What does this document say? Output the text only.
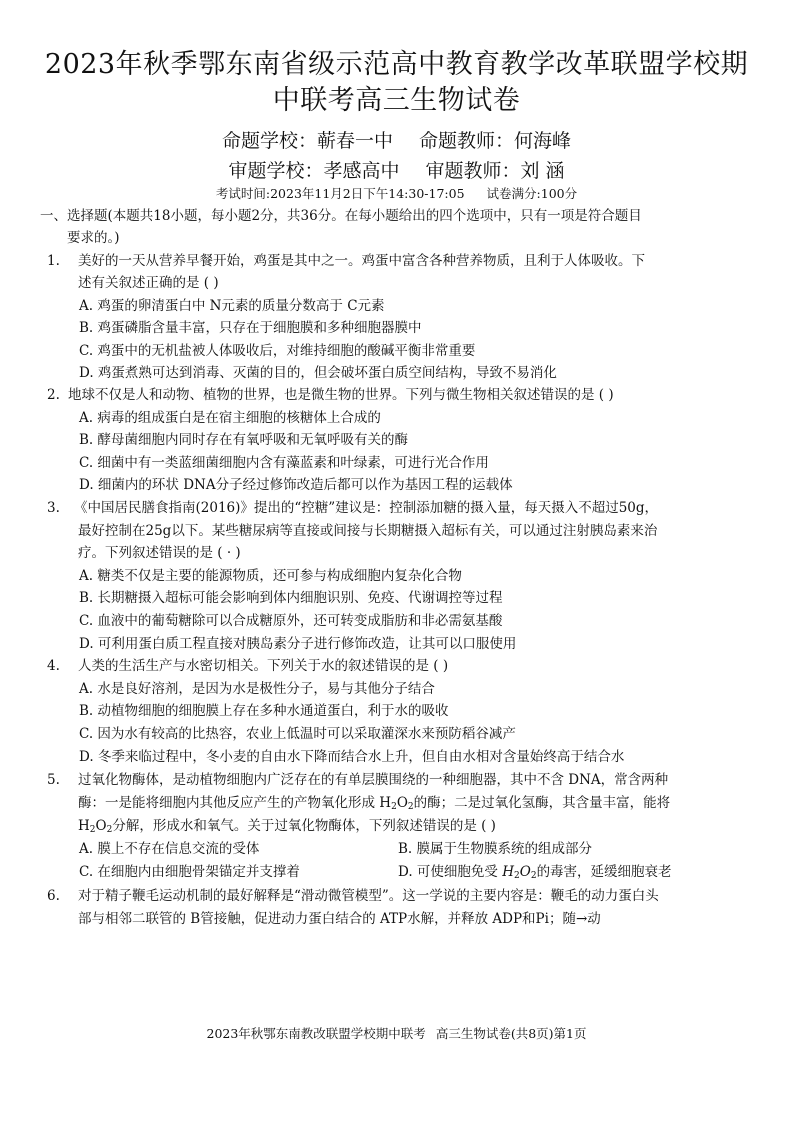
2023年秋季鄂东南省级示范高中教育教学改革联盟学校期
中联考高三生物试卷
命题学校：蕲春一中 命题教师：何海峰
审题学校：孝感高中 审题教师：刘 涵
考试时间:2023年11月2日下午14:30-17:05 试卷满分:100分
一、选择题(本题共18小题，每小题2分，共36分。在每小题给出的四个选项中，只有一项是符合题目
要求的。)
1. 美好的一天从营养早餐开始，鸡蛋是其中之一。鸡蛋中富含各种营养物质，且利于人体吸收。下
述有关叙述正确的是 ( )
A. 鸡蛋的卵清蛋白中 N元素的质量分数高于 C元素
B. 鸡蛋磷脂含量丰富，只存在于细胞膜和多种细胞器膜中
C. 鸡蛋中的无机盐被人体吸收后，对维持细胞的酸碱平衡非常重要
D. 鸡蛋煮熟可达到消毒、灭菌的目的，但会破坏蛋白质空间结构，导致不易消化
2. 地球不仅是人和动物、植物的世界，也是微生物的世界。下列与微生物相关叙述错误的是 ( )
A. 病毒的组成蛋白是在宿主细胞的核糖体上合成的
B. 酵母菌细胞内同时存在有氧呼吸和无氧呼吸有关的酶
C. 细菌中有一类蓝细菌细胞内含有藻蓝素和叶绿素，可进行光合作用
D. 细菌内的环状 DNA分子经过修饰改造后都可以作为基因工程的运载体
3. 《中国居民膳食指南(2016)》提出的“控糖”建议是：控制添加糖的摄入量，每天摄入不超过50g，
最好控制在25g以下。某些糖尿病等直接或间接与长期糖摄入超标有关，可以通过注射胰岛素来治
疗。下列叙述错误的是 ( · )
A. 糖类不仅是主要的能源物质，还可参与构成细胞内复杂化合物
B. 长期糖摄入超标可能会影响到体内细胞识别、免疫、代谢调控等过程
C. 血液中的葡萄糖除可以合成糖原外，还可转变成脂肪和非必需氨基酸
D. 可利用蛋白质工程直接对胰岛素分子进行修饰改造，让其可以口服使用
4. 人类的生活生产与水密切相关。下列关于水的叙述错误的是 ( )
A. 水是良好溶剂，是因为水是极性分子，易与其他分子结合
B. 动植物细胞的细胞膜上存在多种水通道蛋白，利于水的吸收
C. 因为水有较高的比热容，农业上低温时可以采取灌深水来预防稻谷减产
D. 冬季来临过程中，冬小麦的自由水下降而结合水上升，但自由水相对含量始终高于结合水
5. 过氧化物酶体，是动植物细胞内广泛存在的有单层膜围绕的一种细胞器，其中不含 DNA，常含两种
酶：一是能将细胞内其他反应产生的产物氧化形成 $H_2O_2$的酶；二是过氧化氢酶，其含量丰富，能将
$H_2O_2$分解，形成水和氧气。关于过氧化物酶体，下列叙述错误的是 ( )
A. 膜上不存在信息交流的受体	B. 膜属于生物膜系统的组成部分
C. 在细胞内由细胞骨架锚定并支撑着	D. 可使细胞免受 $H_2O_2$的毒害，延缓细胞衰老
6. 对于精子鞭毛运动机制的最好解释是“滑动微管模型”。这一学说的主要内容是：鞭毛的动力蛋白头
部与相邻二联管的 B管接触，促进动力蛋白结合的 ATP水解，并释放 ADP和Pi；随→动
2023年秋鄂东南教改联盟学校期中联考 高三生物试卷(共8页)第1页
